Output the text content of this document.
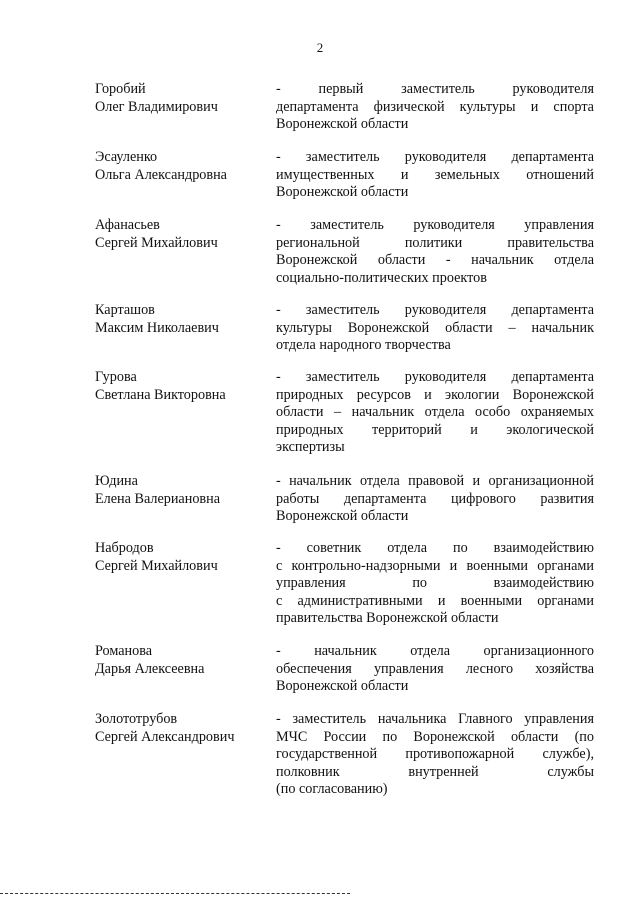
2
Горобий
Олег Владимирович
- первый заместитель руководителя
департамента физической культуры и спорта
Воронежской области
Эсауленко
Ольга Александровна
- заместитель руководителя департамента
имущественных и земельных отношений
Воронежской области
Афанасьев
Сергей Михайлович
- заместитель руководителя управления
региональной политики правительства
Воронежской области - начальник отдела
социально-политических проектов
Карташов
Максим Николаевич
- заместитель руководителя департамента
культуры Воронежской области – начальник
отдела народного творчества
Гурова
Светлана Викторовна
- заместитель руководителя департамента
природных ресурсов и экологии Воронежской
области – начальник отдела особо охраняемых
природных территорий и экологической
экспертизы
Юдина
Елена Валериановна
- начальник отдела правовой и организационной
работы департамента цифрового развития
Воронежской области
Набродов
Сергей Михайлович
- советник отдела по взаимодействию
с контрольно-надзорными и военными органами
управления по взаимодействию
с административными и военными органами
правительства Воронежской области
Романова
Дарья Алексеевна
- начальник отдела организационного
обеспечения управления лесного хозяйства
Воронежской области
Золототрубов
Сергей Александрович
- заместитель начальника Главного управления
МЧС России по Воронежской области (по
государственной противопожарной службе),
полковник внутренней службы
(по согласованию)
